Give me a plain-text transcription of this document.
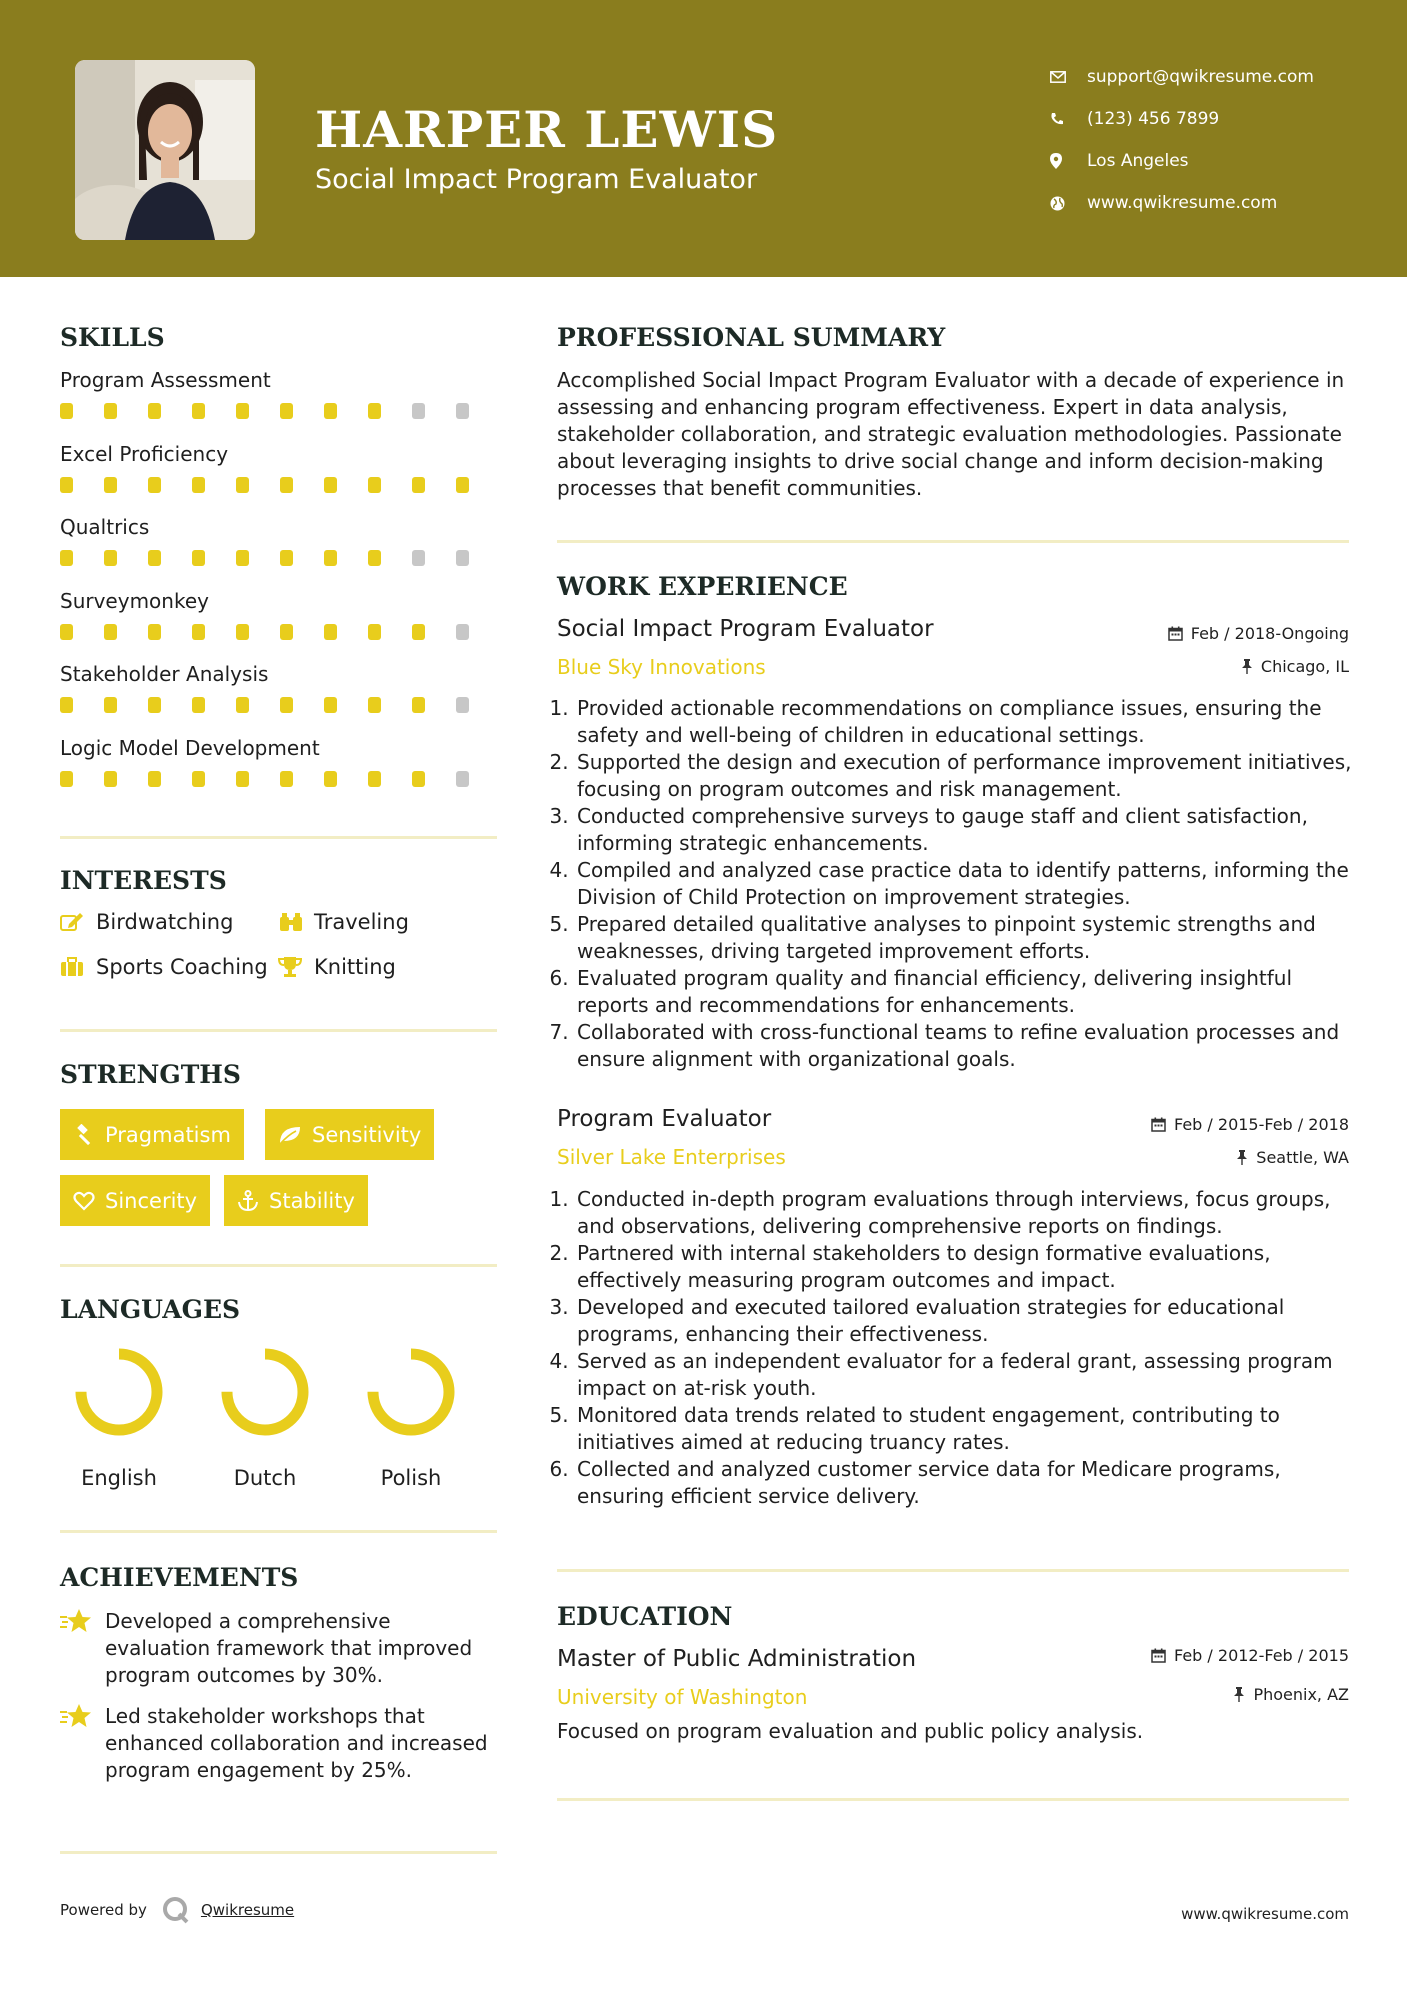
HARPER LEWIS
Social Impact Program Evaluator
support@qwikresume.com
(123) 456 7899
Los Angeles
www.qwikresume.com
SKILLS
Program Assessment
Excel Proficiency
Qualtrics
Surveymonkey
Stakeholder Analysis
Logic Model Development
INTERESTS
Birdwatching	Traveling
Sports Coaching Knitting
STRENGTHS
Pragmatism	Sensitivity
Sincerity	Stability
LANGUAGES
English	Dutch	Polish
ACHIEVEMENTS
Developed a comprehensive evaluation framework that improved program outcomes by 30%.
Led stakeholder workshops that enhanced collaboration and increased program engagement by 25%.
PROFESSIONAL SUMMARY
Accomplished Social Impact Program Evaluator with a decade of experience in assessing and enhancing program effectiveness. Expert in data analysis, stakeholder collaboration, and strategic evaluation methodologies. Passionate about leveraging insights to drive social change and inform decision-making processes that benefit communities.
WORK EXPERIENCE
Social Impact Program Evaluator	Feb / 2018-Ongoing
Blue Sky Innovations	Chicago, IL
1. Provided actionable recommendations on compliance issues, ensuring the safety and well-being of children in educational settings.
2. Supported the design and execution of performance improvement initiatives, focusing on program outcomes and risk management.
3. Conducted comprehensive surveys to gauge staff and client satisfaction, informing strategic enhancements.
4. Compiled and analyzed case practice data to identify patterns, informing the Division of Child Protection on improvement strategies.
5. Prepared detailed qualitative analyses to pinpoint systemic strengths and weaknesses, driving targeted improvement efforts.
6. Evaluated program quality and financial efficiency, delivering insightful reports and recommendations for enhancements.
7. Collaborated with cross-functional teams to refine evaluation processes and ensure alignment with organizational goals.
Program Evaluator	Feb / 2015-Feb / 2018
Silver Lake Enterprises	Seattle, WA
1. Conducted in-depth program evaluations through interviews, focus groups, and observations, delivering comprehensive reports on findings.
2. Partnered with internal stakeholders to design formative evaluations, effectively measuring program outcomes and impact.
3. Developed and executed tailored evaluation strategies for educational programs, enhancing their effectiveness.
4. Served as an independent evaluator for a federal grant, assessing program impact on at-risk youth.
5. Monitored data trends related to student engagement, contributing to initiatives aimed at reducing truancy rates.
6. Collected and analyzed customer service data for Medicare programs, ensuring efficient service delivery.
EDUCATION
Master of Public Administration	Feb / 2012-Feb / 2015
University of Washington	Phoenix, AZ
Focused on program evaluation and public policy analysis.
Powered by	Qwikresume	www.qwikresume.com
